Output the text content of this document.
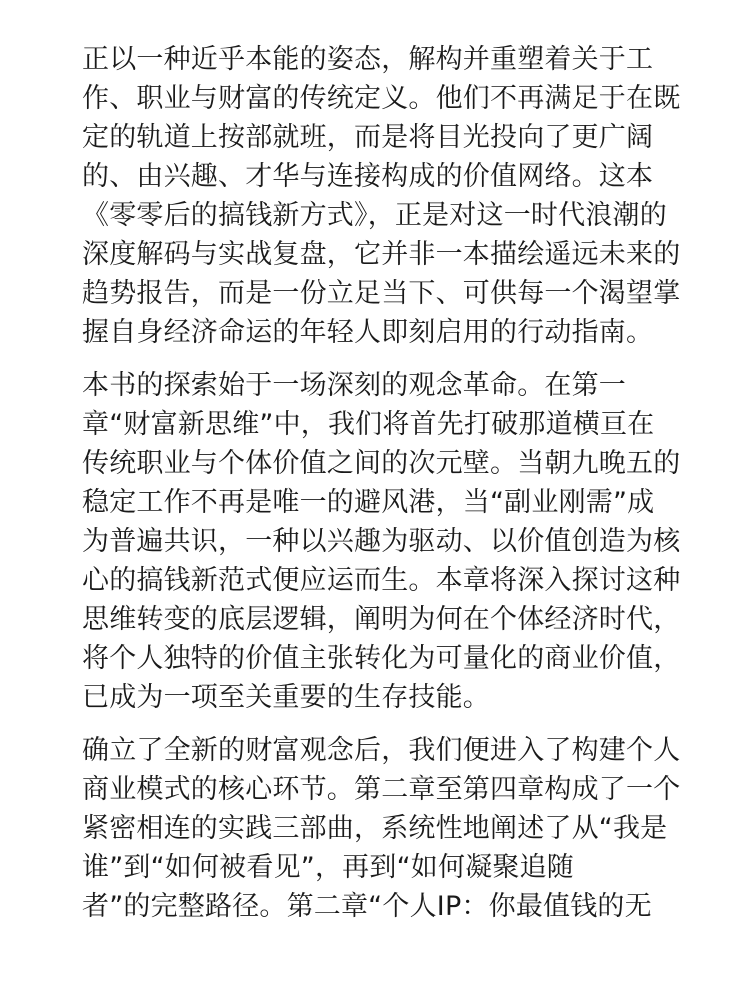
正以一种近乎本能的姿态，解构并重塑着关于工
作、职业与财富的传统定义。他们不再满足于在既
定的轨道上按部就班，而是将目光投向了更广阔
的、由兴趣、才华与连接构成的价值网络。这本
《零零后的搞钱新方式》，正是对这一时代浪潮的
深度解码与实战复盘，它并非一本描绘遥远未来的
趋势报告，而是一份立足当下、可供每一个渴望掌
握自身经济命运的年轻人即刻启用的行动指南。

本书的探索始于一场深刻的观念革命。在第一
章“财富新思维”中，我们将首先打破那道横亘在
传统职业与个体价值之间的次元壁。当朝九晚五的
稳定工作不再是唯一的避风港，当“副业刚需”成
为普遍共识，一种以兴趣为驱动、以价值创造为核
心的搞钱新范式便应运而生。本章将深入探讨这种
思维转变的底层逻辑，阐明为何在个体经济时代，
将个人独特的价值主张转化为可量化的商业价值，
已成为一项至关重要的生存技能。

确立了全新的财富观念后，我们便进入了构建个人
商业模式的核心环节。第二章至第四章构成了一个
紧密相连的实践三部曲，系统性地阐述了从“我是
谁”到“如何被看见”，再到“如何凝聚追随
者”的完整路径。第二章“个人IP：你最值钱的无
